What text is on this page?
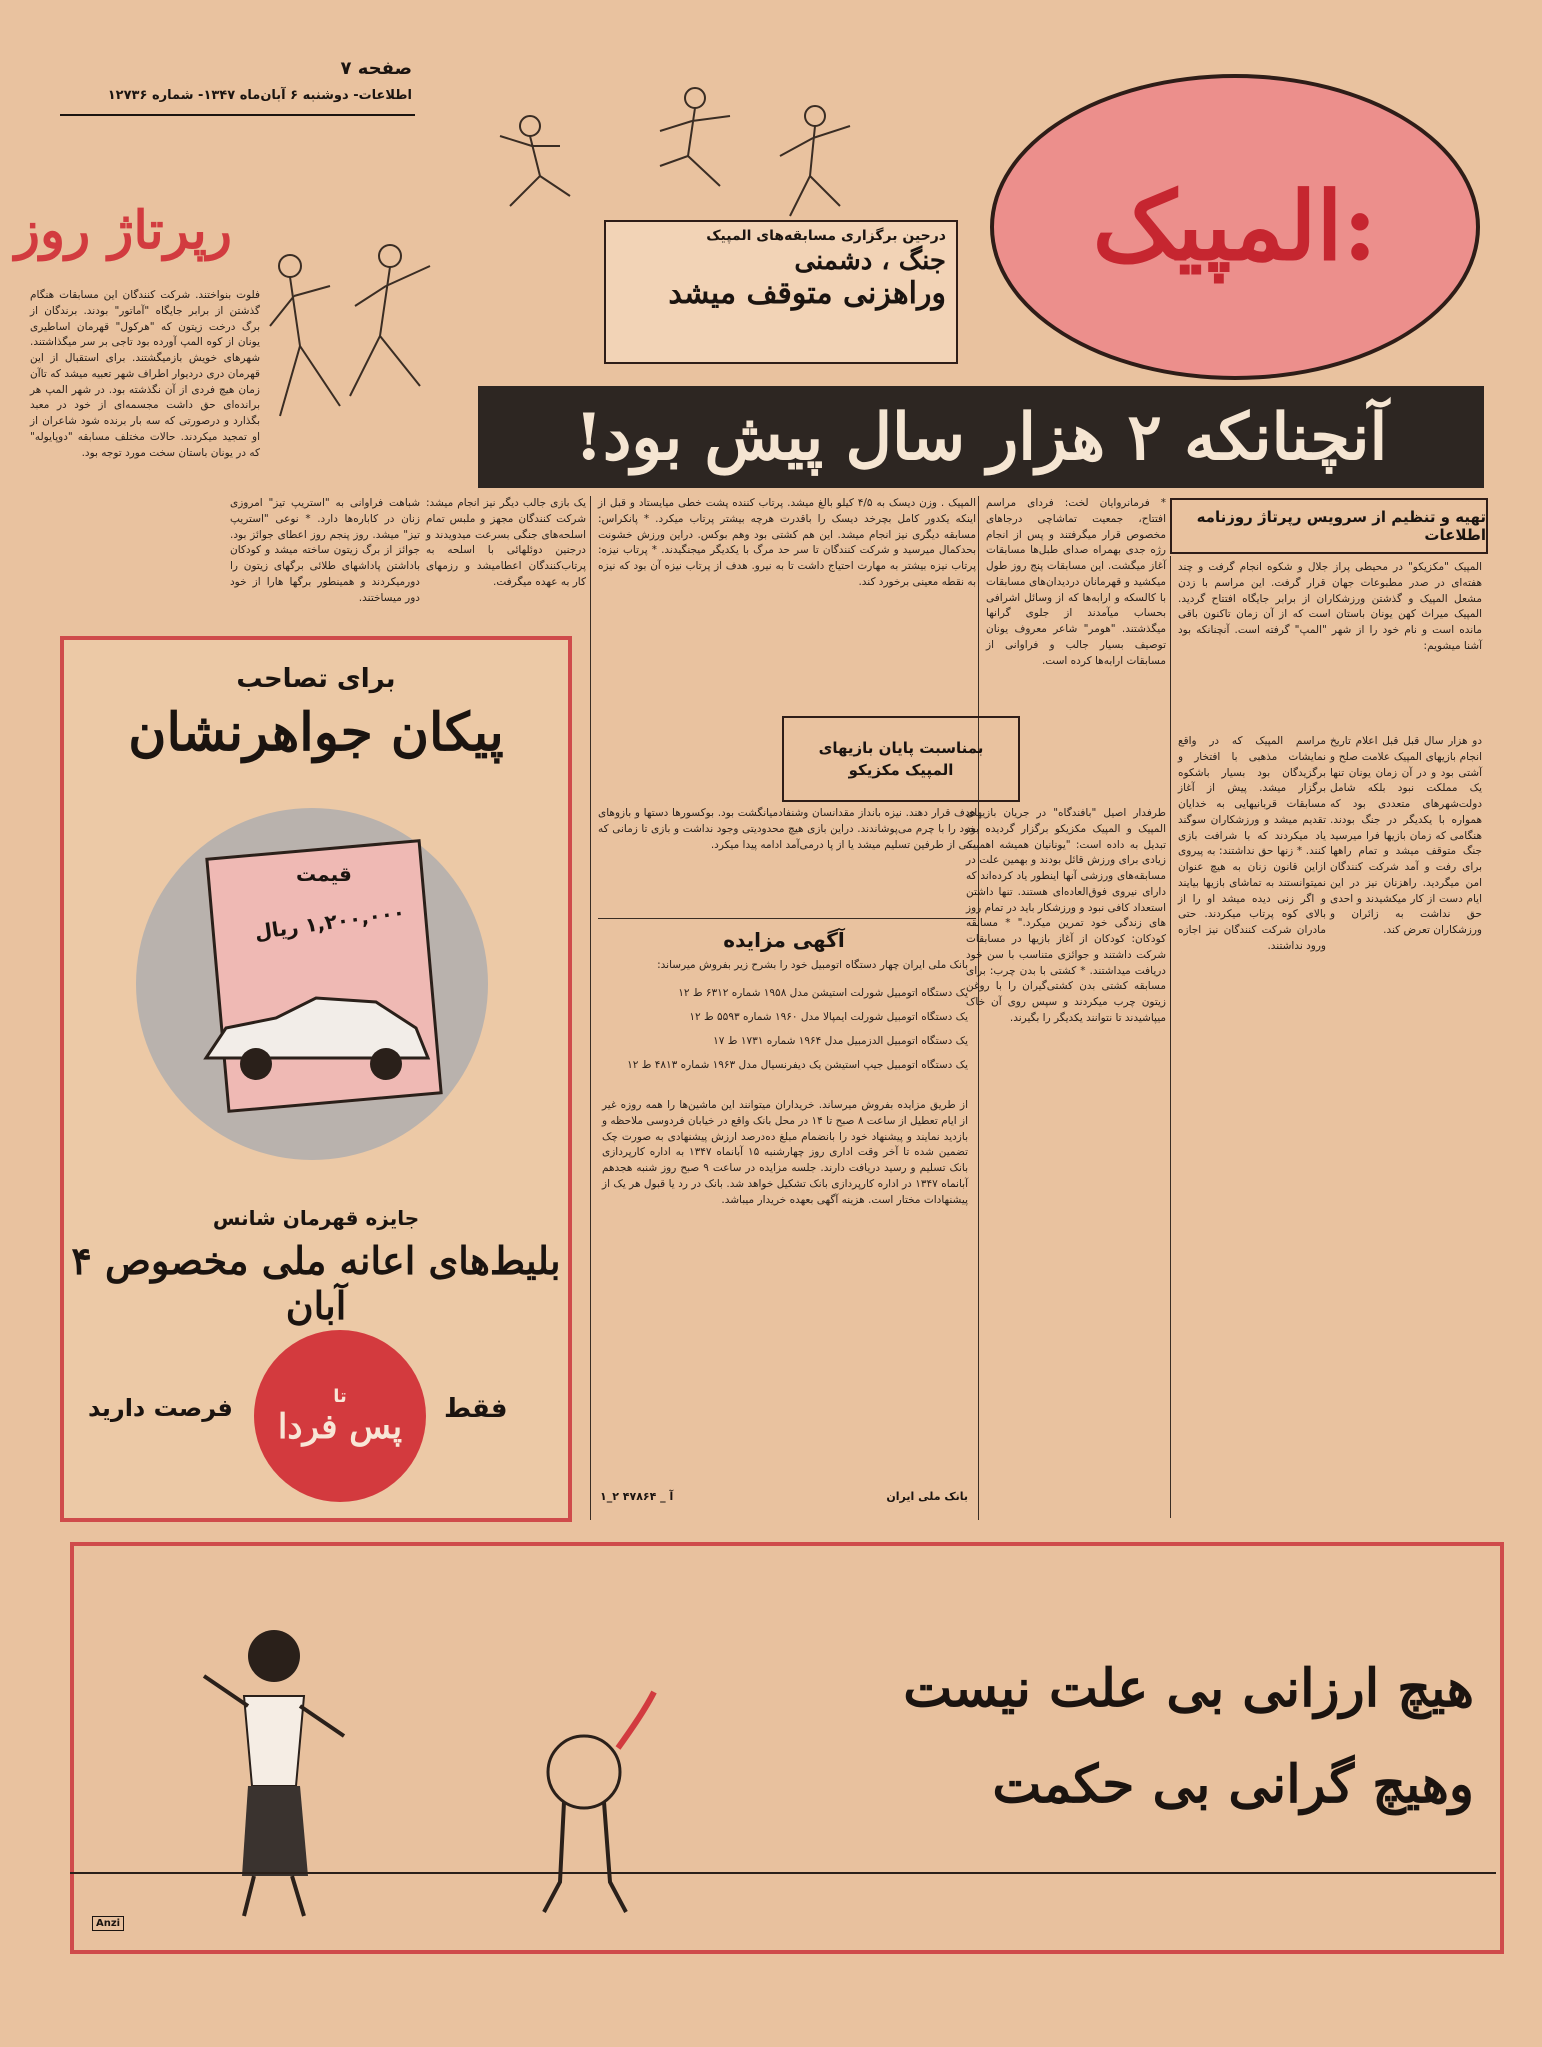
صفحه ۷
اطلاعات- دوشنبه ۶ آبان‌ماه ۱۳۴۷- شماره ۱۲۷۳۶
رپرتاژ روز
فلوت بنواختند. شرکت کنندگان این مسابقات هنگام گذشتن از برابر جایگاه "آماتور" بودند. برندگان از برگ درخت زیتون که "هرکول" قهرمان اساطیری یونان از کوه المپ آورده بود تاجی بر سر میگذاشتند. شهرهای خویش بازمیگشتند. برای استقبال از این قهرمان دری دردیوار اطراف شهر تعبیه میشد که تاآن زمان هیچ فردی از آن نگذشته بود. در شهر المپ هر برانده‌ای حق داشت مجسمه‌ای از خود در معبد بگذارد و درصورتی که سه بار برنده شود شاعران از او تمجید میکردند. حالات مختلف مسابقه "دوپایوله" که در یونان باستان سخت مورد توجه بود.
المپیک:
درحین برگزاری مسابقه‌های المپیک
جنگ ، دشمنی
وراهزنی متوقف میشد
آنچنانکه ۲ هزار سال پیش بود!
تهیه و تنظیم از سرویس رپرتاژ روزنامه اطلاعات
شباهت فراوانی به "استریپ تیز" امروزی زنان در کاباره‌ها دارد. * نوعی "استریپ تیز" میشد. روز پنجم روز اعطای جوائز بود. جوائز از برگ زیتون ساخته میشد و کودکان باداشتن پاداشهای طلائی برگهای زیتون را دورمیکردند و همینطور برگها هارا از خود دور میساختند.
یک بازی جالب دیگر نیز انجام میشد: شرکت کنندگان مجهز و ملبس تمام اسلحه‌های جنگی بسرعت میدویدند و درجنین دوئلهائی با اسلحه به پرتاب‌کنندگان اعطامیشد و رزمهای کار به عهده میگرفت.
المپیک . وزن دیسک به ۴/۵ کیلو بالغ میشد. پرتاب کننده پشت خطی میایستاد و قبل از اینکه یکدور کامل بچرخد دیسک را باقدرت هرچه بیشتر پرتاب میکرد. * پانکراس: مسابقه دیگری نیز انجام میشد. این هم کشتی بود وهم بوکس. دراین ورزش خشونت بحدکمال میرسید و شرکت کنندگان تا سر حد مرگ با یکدیگر میجنگیدند. * پرتاب نیزه: پرتاب نیزه بیشتر به مهارت احتیاج داشت تا به نیرو. هدف از پرتاب نیزه آن بود که نیزه به نقطه معینی برخورد کند.
هدف قرار دهند. نیزه بانداز مقدانسان وشنفادمیانگشت بود. بوکسورها دستها و بازوهای خود را با چرم می‌پوشاندند. دراین بازی هیچ محدودیتی وجود نداشت و بازی تا زمانی که یکی از طرفین تسلیم میشد یا از پا درمی‌آمد ادامه پیدا میکرد.
بمناسبت پایان بازیهای
المپیک مکزیکو
* فرمانروایان لخت: فردای مراسم افتتاح، جمعیت تماشاچی درجاهای مخصوص قرار میگرفتند و پس از انجام رژه‌ جدی بهمراه صدای طبل‌ها مسابقات آغاز میگشت. این مسابقات پنج روز طول میکشید و قهرمانان دردیدان‌های مسابقات با کالسکه و ارابه‌ها که از وسائل اشرافی بحساب میآمدند از جلوی گرانها میگذشتند. "هومر" شاعر معروف یونان توصیف بسیار جالب و فراوانی از مسابقات ارابه‌ها کرده است.
طرفدار اصیل "بافندگاه" در جریان بازیهای المپیک و المپیک مکزیکو برگزار گردیده بود تبدیل به داده است: "یونانیان همیشه اهمیت زیادی برای ورزش قائل بودند و بهمین علت در مسابقه‌های ورزشی آنها اینطور یاد کرده‌اند که دارای نیروی فوق‌العاده‌ای هستند. تنها داشتن استعداد کافی نبود و ورزشکار باید در تمام روز های زندگی خود تمرین میکرد." * مسابقه کودکان: کودکان از آغاز بازیها در مسابقات شرکت داشتند و جوائزی متناسب با سن خود دریافت میداشتند. * کشتی با بدن چرب: برای مسابقه کشتی بدن کشتی‌گیران را با روغن زیتون چرب میکردند و سپس روی آن خاک میپاشیدند تا نتوانند یکدیگر را بگیرند.
المپیک "مکزیکو" در محیطی پراز جلال و شکوه انجام گرفت و چند هفته‌ای در صدر مطبوعات جهان قرار گرفت. این مراسم با زدن مشعل المپیک و گذشتن ورزشکاران از برابر جایگاه افتتاح گردید. المپیک میراث کهن یونان باستان است که از آن زمان تاکنون باقی مانده است و نام خود را از شهر "المپ" گرفته است. آنچنانکه بود آشنا میشویم:
دو هزار سال قبل قبل اعلام تاریخ انجام بازیهای المپیک علامت صلح و آشتی بود و در آن زمان یونان تنها یک مملکت نبود بلکه شامل دولت‌شهرهای متعددی بود که همواره با یکدیگر در جنگ بودند. هنگامی که زمان بازیها فرا میرسید جنگ متوقف میشد و تمام راهها برای رفت و آمد شرکت کنندگان امن میگردید. راهزنان نیز در این ایام دست از کار میکشیدند و احدی حق نداشت به زائران و ورزشکاران تعرض کند.
مراسم المپیک که در واقع نمایشات مذهبی با افتخار و برگزیدگان بود بسیار باشکوه برگزار میشد. پیش از آغاز مسابقات قربانیهایی به خدایان تقدیم میشد و ورزشکاران سوگند یاد میکردند که با شرافت بازی کنند. * زنها حق نداشتند: به پیروی ازاین قانون زنان به هیچ عنوان نمیتوانستند به تماشای بازیها بیایند و اگر زنی دیده میشد او را از بالای کوه پرتاب میکردند. حتی مادران شرکت کنندگان نیز اجازه ورود نداشتند.
آگهی مزایده
بانک ملی ایران چهار دستگاه اتومبیل خود را بشرح زیر بفروش میرساند:
یک دستگاه اتومبیل شورلت استیشن مدل ۱۹۵۸ شماره ۶۳۱۲ ط ۱۲
یک دستگاه اتومبیل شورلت ایمپالا مدل ۱۹۶۰ شماره ۵۵۹۳ ط ۱۲
یک دستگاه اتومبیل الدزمبیل مدل ۱۹۶۴ شماره ۱۷۳۱ ط ۱۷
یک دستگاه اتومبیل جیپ استیشن یک دیفرنسیال مدل ۱۹۶۳ شماره ۴۸۱۳ ط ۱۲
از طریق مزایده بفروش میرساند. خریداران میتوانند این ماشین‌ها را همه روزه غیر از ایام تعطیل از ساعت ۸ صبح تا ۱۴ در محل بانک واقع در خیابان فردوسی ملاحظه و بازدید نمایند و پیشنهاد خود را بانضمام مبلغ ده‌درصد ارزش پیشنهادی به صورت چک تضمین شده تا آخر وقت اداری روز چهارشنبه ۱۵ آبانماه ۱۳۴۷ به اداره کارپردازی بانک تسلیم و رسید دریافت دارند. جلسه مزایده در ساعت ۹ صبح روز شنبه هجدهم آبانماه ۱۳۴۷ در اداره کارپردازی بانک تشکیل خواهد شد. بانک در رد یا قبول هر یک از پیشنهادات مختار است. هزینه آگهی بعهده خریدار میباشد.
۱_۲ آ _ ۴۷۸۶۴	بانک ملی ایران
برای تصاحب
پیکان جواهرنشان
قیمت
۱,۲۰۰,۰۰۰ ریال
جایزه قهرمان شانس
بلیط‌های اعانه ملی مخصوص ۴ آبان
فقط
تا
پس فردا
فرصت دارید
هیچ ارزانی بی علت نیست
وهیچ گرانی بی حکمت
Anzi
